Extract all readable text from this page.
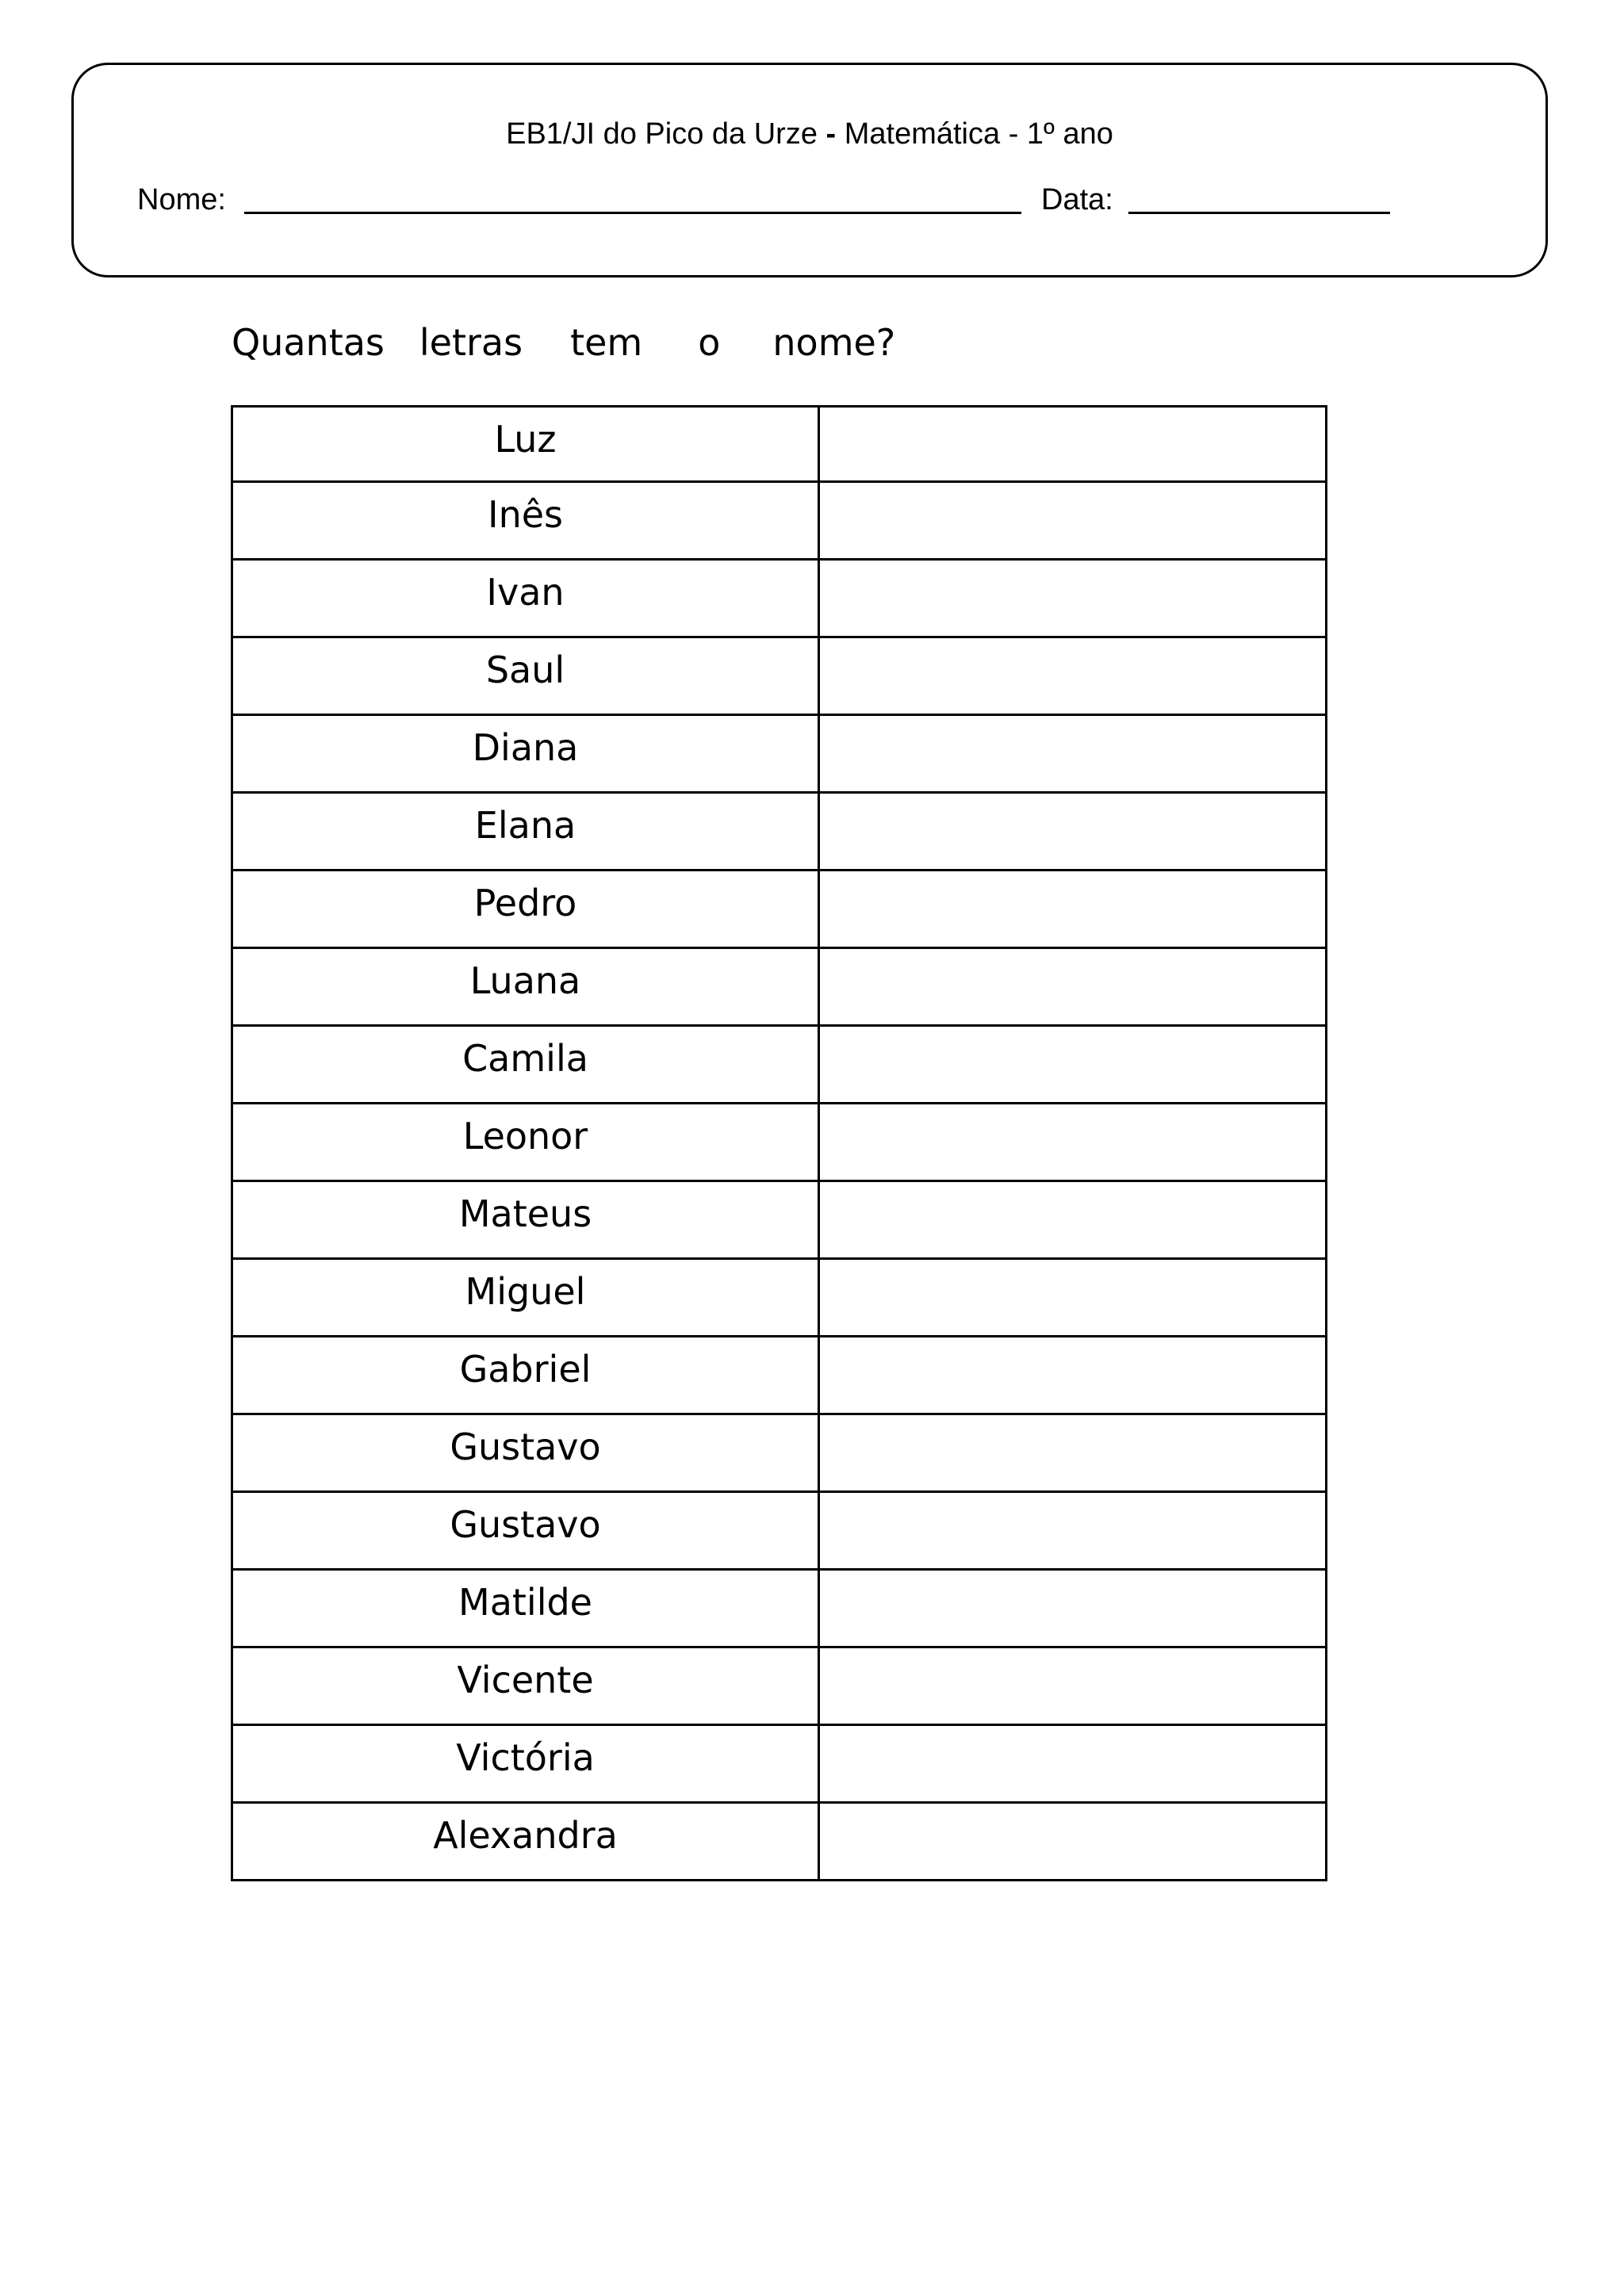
EB1/JI do Pico da Urze - Matemática - 1º ano
Nome:	Data:
Quantas letras tem o nome?
Luz	
Inês	
Ivan	
Saul	
Diana	
Elana	
Pedro	
Luana	
Camila	
Leonor	
Mateus	
Miguel	
Gabriel	
Gustavo	
Gustavo	
Matilde	
Vicente	
Victória	
Alexandra	
